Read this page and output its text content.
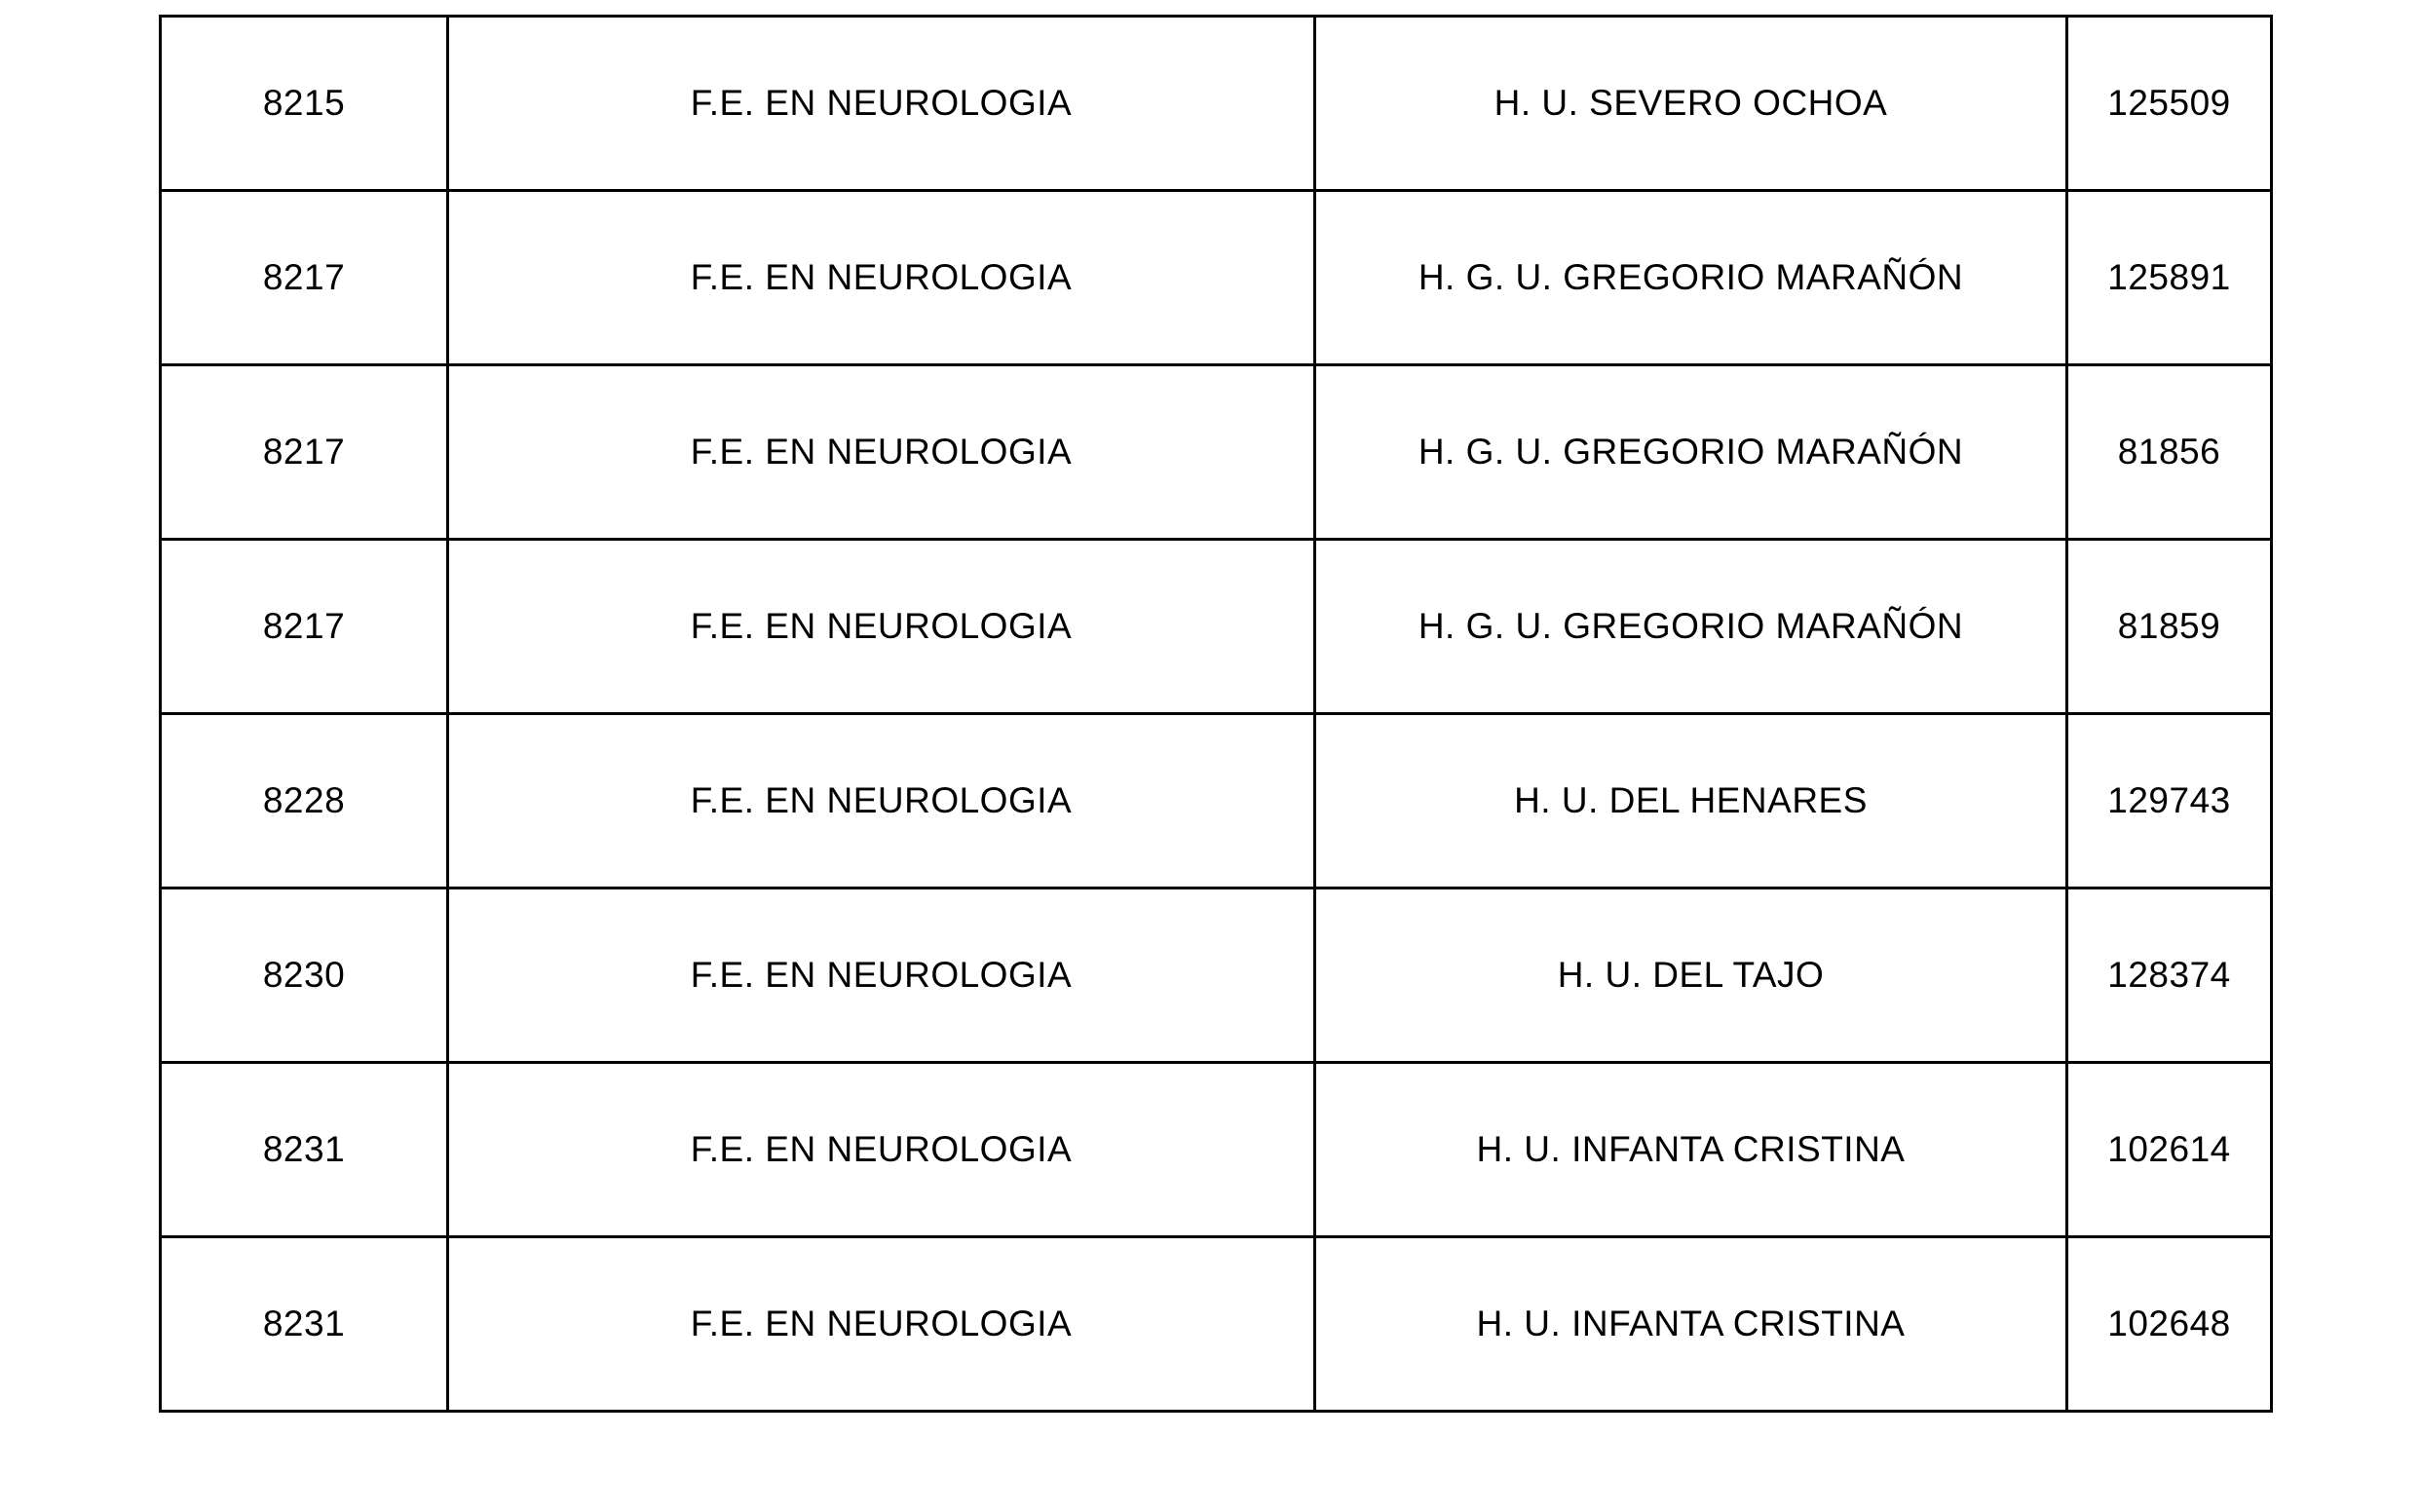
8215	F.E. EN NEUROLOGIA	H. U. SEVERO OCHOA	125509
8217	F.E. EN NEUROLOGIA	H. G. U. GREGORIO MARAÑÓN	125891
8217	F.E. EN NEUROLOGIA	H. G. U. GREGORIO MARAÑÓN	81856
8217	F.E. EN NEUROLOGIA	H. G. U. GREGORIO MARAÑÓN	81859
8228	F.E. EN NEUROLOGIA	H. U. DEL HENARES	129743
8230	F.E. EN NEUROLOGIA	H. U. DEL TAJO	128374
8231	F.E. EN NEUROLOGIA	H. U. INFANTA CRISTINA	102614
8231	F.E. EN NEUROLOGIA	H. U. INFANTA CRISTINA	102648
